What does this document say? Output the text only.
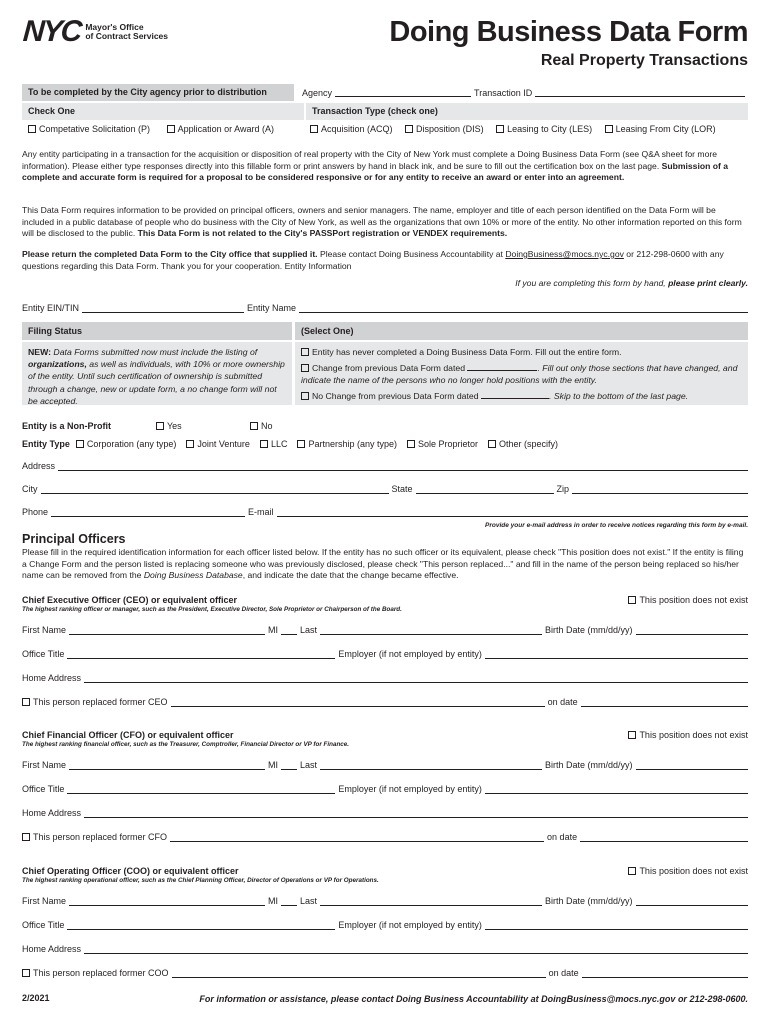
NYC Mayor's Office
of Contract Services	Doing Business Data Form
Real Property Transactions
To be completed by the City agency prior to distribution	Agency	Transaction ID
Check One	Transaction Type (check one)
Competative Solicitation (P)	Application or Award (A)	Acquisition (ACQ)	Disposition (DIS)	Leasing to City (LES)	Leasing From City (LOR)
Any entity participating in a transaction for the acquisition or disposition of real property with the City of New York must complete a Doing Business Data Form (see Q&A sheet for more information). Please either type responses directly into this fillable form or print answers by hand in black ink, and be sure to fill out the certification box on the last page. Submission of a complete and accurate form is required for a proposal to be considered responsive or for any entity to receive an award or enter into an agreement.
This Data Form requires information to be provided on principal officers, owners and senior managers. The name, employer and title of each person identified on the Data Form will be included in a public database of people who do business with the City of New York, as well as the organizations that own 10% or more of the entity. No other information reported on this form will be disclosed to the public. This Data Form is not related to the City's PASSPort registration or VENDEX requirements.
Please return the completed Data Form to the City office that supplied it. Please contact Doing Business Accountability at DoingBusiness@mocs.nyc.gov or 212-298-0600 with any questions regarding this Data Form. Thank you for your cooperation. Entity Information
If you are completing this form by hand, please print clearly.
Entity EIN/TIN	Entity Name
Filing Status
NEW: Data Forms submitted now must include the listing of organizations, as well as individuals, with 10% or more ownership of the entity. Until such certification of ownership is submitted through a change, new or update form, a no change form will not be accepted.
(Select One)
Entity has never completed a Doing Business Data Form. Fill out the entire form.
Change from previous Data Form dated	. Fill out only those sections that have changed, and indicate the name of the persons who no longer hold positions with the entity.
No Change from previous Data Form dated	. Skip to the bottom of the last page.
Entity is a Non-Profit	Yes	No
Entity Type	Corporation (any type)	Joint Venture	LLC	Partnership (any type)	Sole Proprietor	Other (specify)
Address
City	State	Zip
Phone	E-mail
Provide your e-mail address in order to receive notices regarding this form by e-mail.
Principal Officers
Please fill in the required identification information for each officer listed below. If the entity has no such officer or its equivalent, please check "This position does not exist." If the entity is filing a Change Form and the person listed is replacing someone who was previously disclosed, please check "This person replaced..." and fill in the name of the person being replaced so his/her name can be removed from the Doing Business Database, and indicate the date that the change became effective.
Chief Executive Officer (CEO) or equivalent officer	This position does not exist
The highest ranking officer or manager, such as the President, Executive Director, Sole Proprietor or Chairperson of the Board.
First Name	MI Last	Birth Date (mm/dd/yy)
Office Title	Employer (if not employed by entity)
Home Address
This person replaced former CEO	on date
Chief Financial Officer (CFO) or equivalent officer	This position does not exist
The highest ranking financial officer, such as the Treasurer, Comptroller, Financial Director or VP for Finance.
First Name	MI Last	Birth Date (mm/dd/yy)
Office Title	Employer (if not employed by entity)
Home Address
This person replaced former CFO	on date
Chief Operating Officer (COO) or equivalent officer	This position does not exist
The highest ranking operational officer, such as the Chief Planning Officer, Director of Operations or VP for Operations.
First Name	MI Last	Birth Date (mm/dd/yy)
Office Title	Employer (if not employed by entity)
Home Address
This person replaced former COO	on date
2/2021	For information or assistance, please contact Doing Business Accountability at DoingBusiness@mocs.nyc.gov or 212-298-0600.
